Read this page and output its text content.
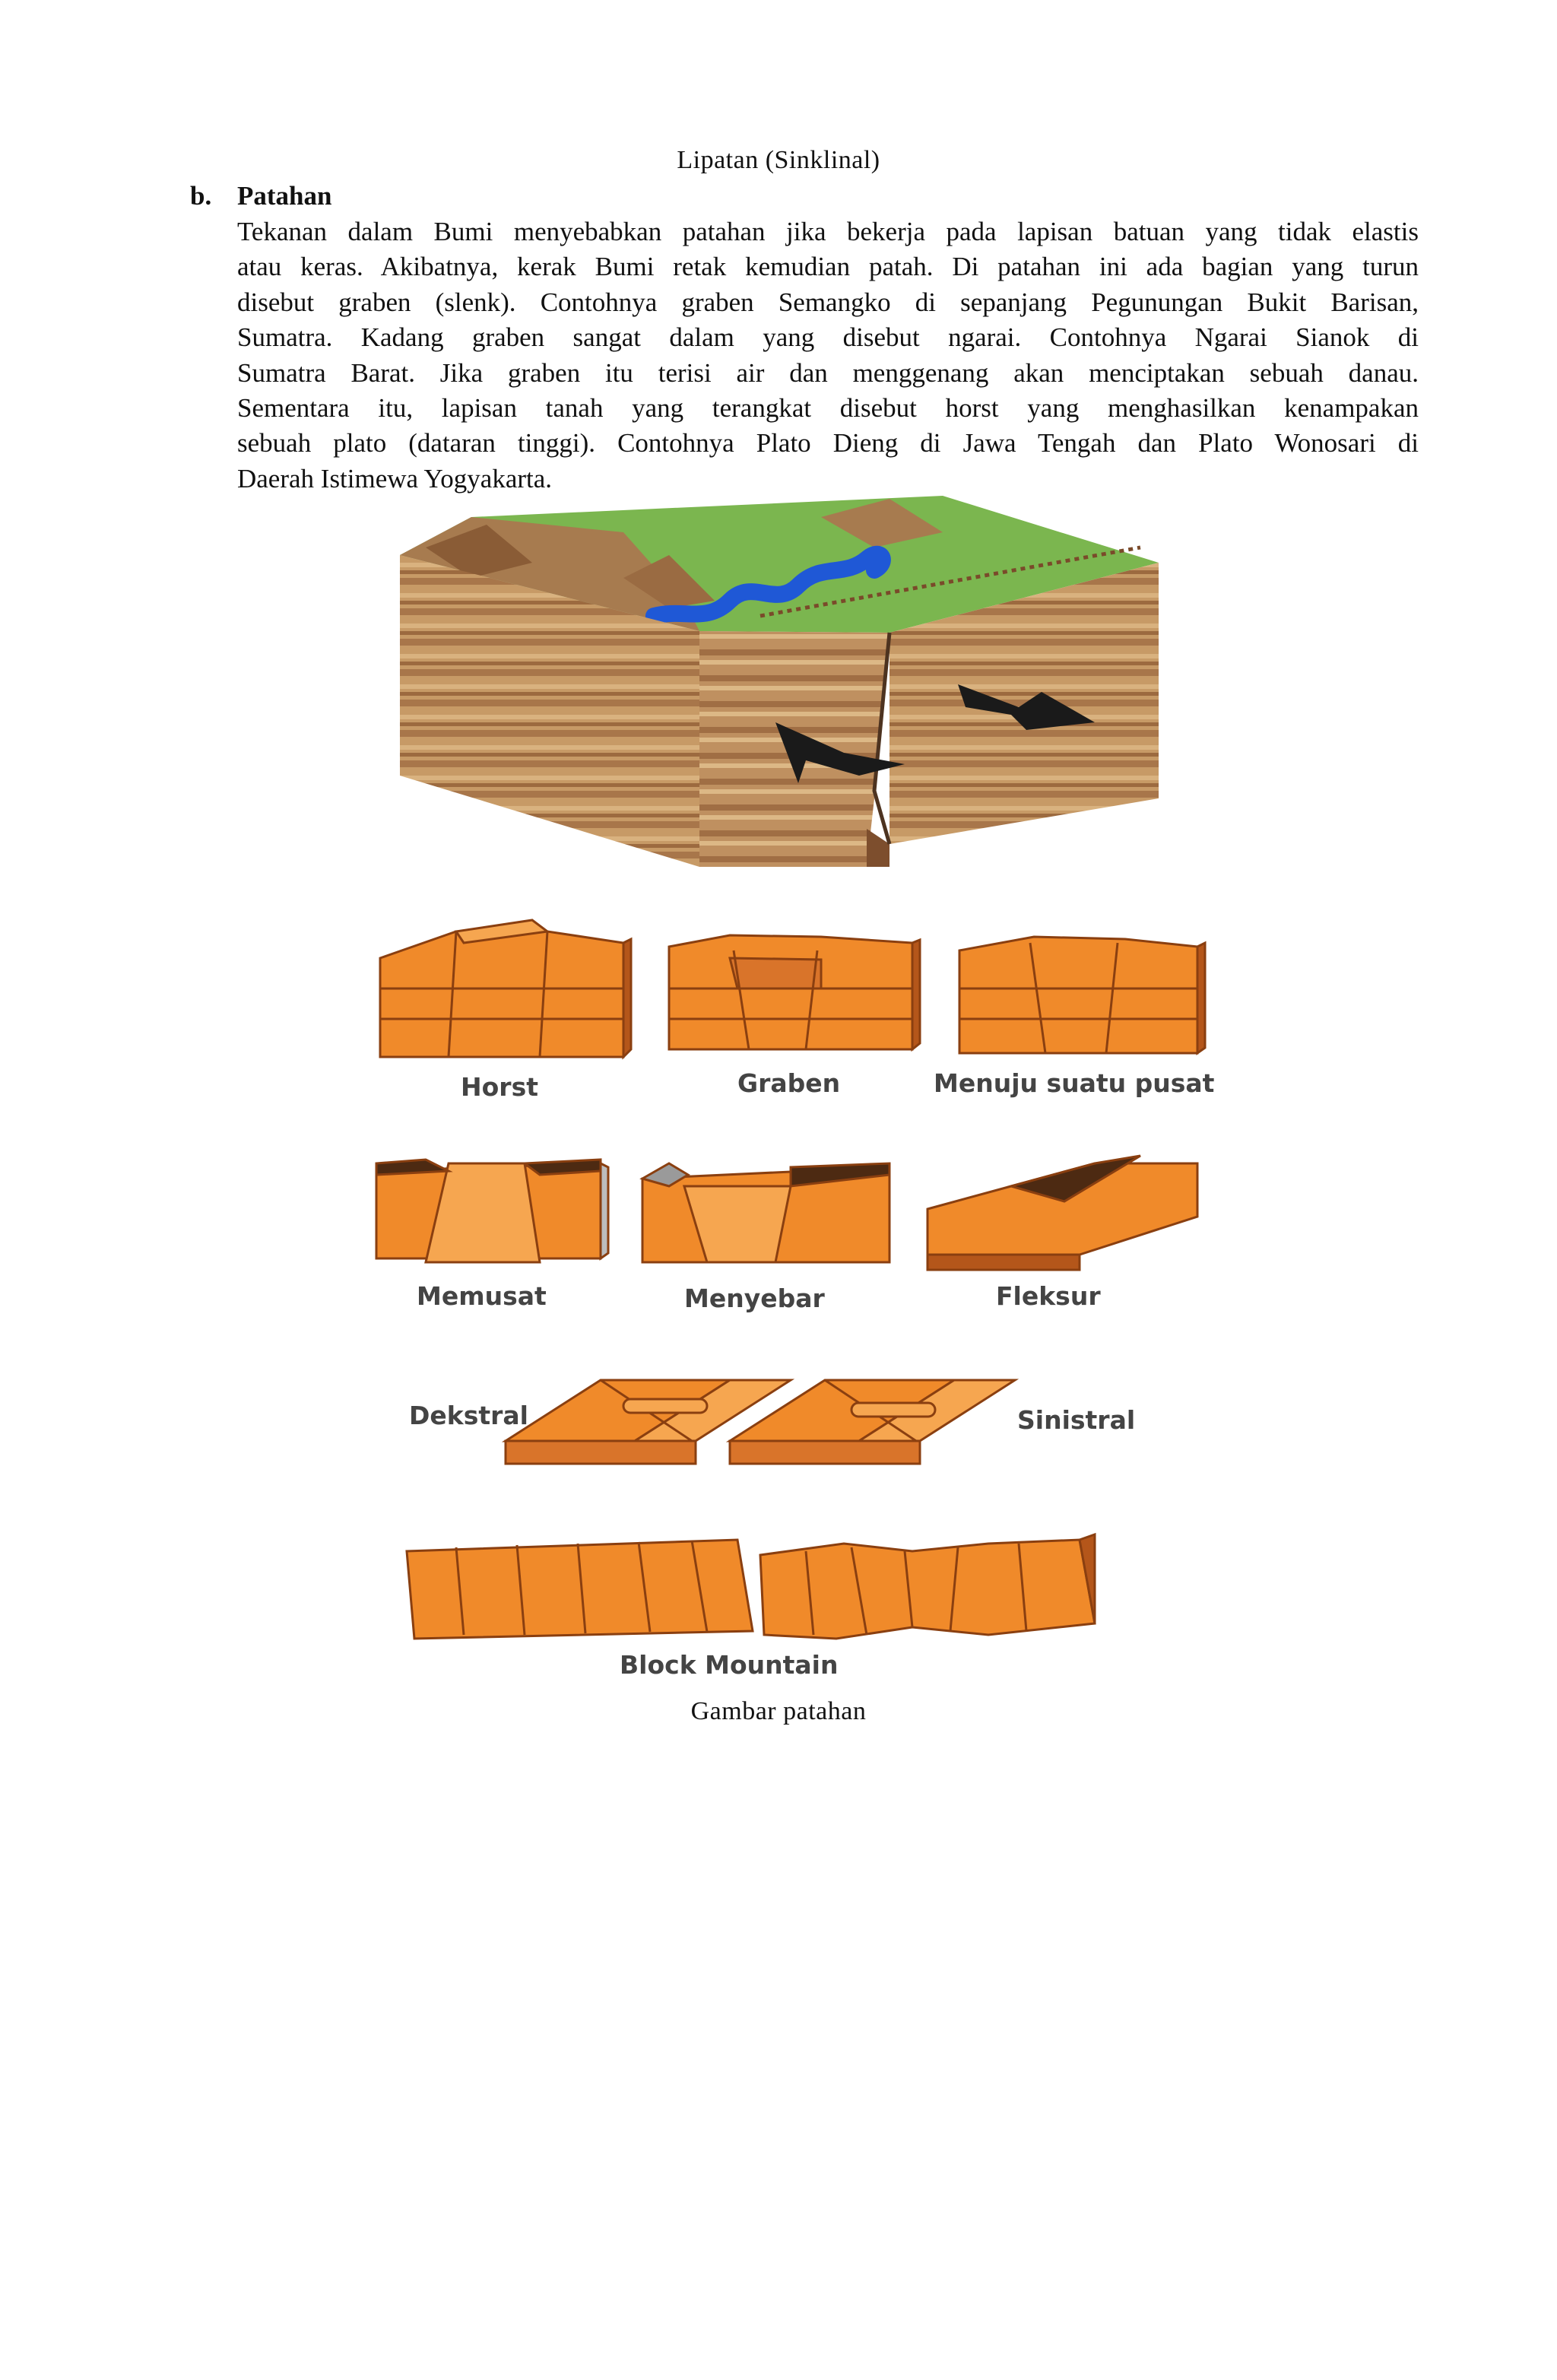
Lipatan (Sinklinal)
b. Patahan
Tekanan dalam Bumi menyebabkan patahan jika bekerja pada lapisan batuan yang tidak elastis
atau keras. Akibatnya, kerak Bumi retak kemudian patah. Di patahan ini ada bagian yang turun
disebut graben (slenk). Contohnya graben Semangko di sepanjang Pegunungan Bukit Barisan,
Sumatra. Kadang graben sangat dalam yang disebut ngarai. Contohnya Ngarai Sianok di
Sumatra Barat. Jika graben itu terisi air dan menggenang akan menciptakan sebuah danau.
Sementara itu, lapisan tanah yang terangkat disebut horst yang menghasilkan kenampakan
sebuah plato (dataran tinggi). Contohnya Plato Dieng di Jawa Tengah dan Plato Wonosari di
Daerah Istimewa Yogyakarta.
Horst	Graben	Menuju suatu pusat
Memusat	Menyebar	Fleksur
Dekstral	Sinistral
Block Mountain
Gambar patahan
